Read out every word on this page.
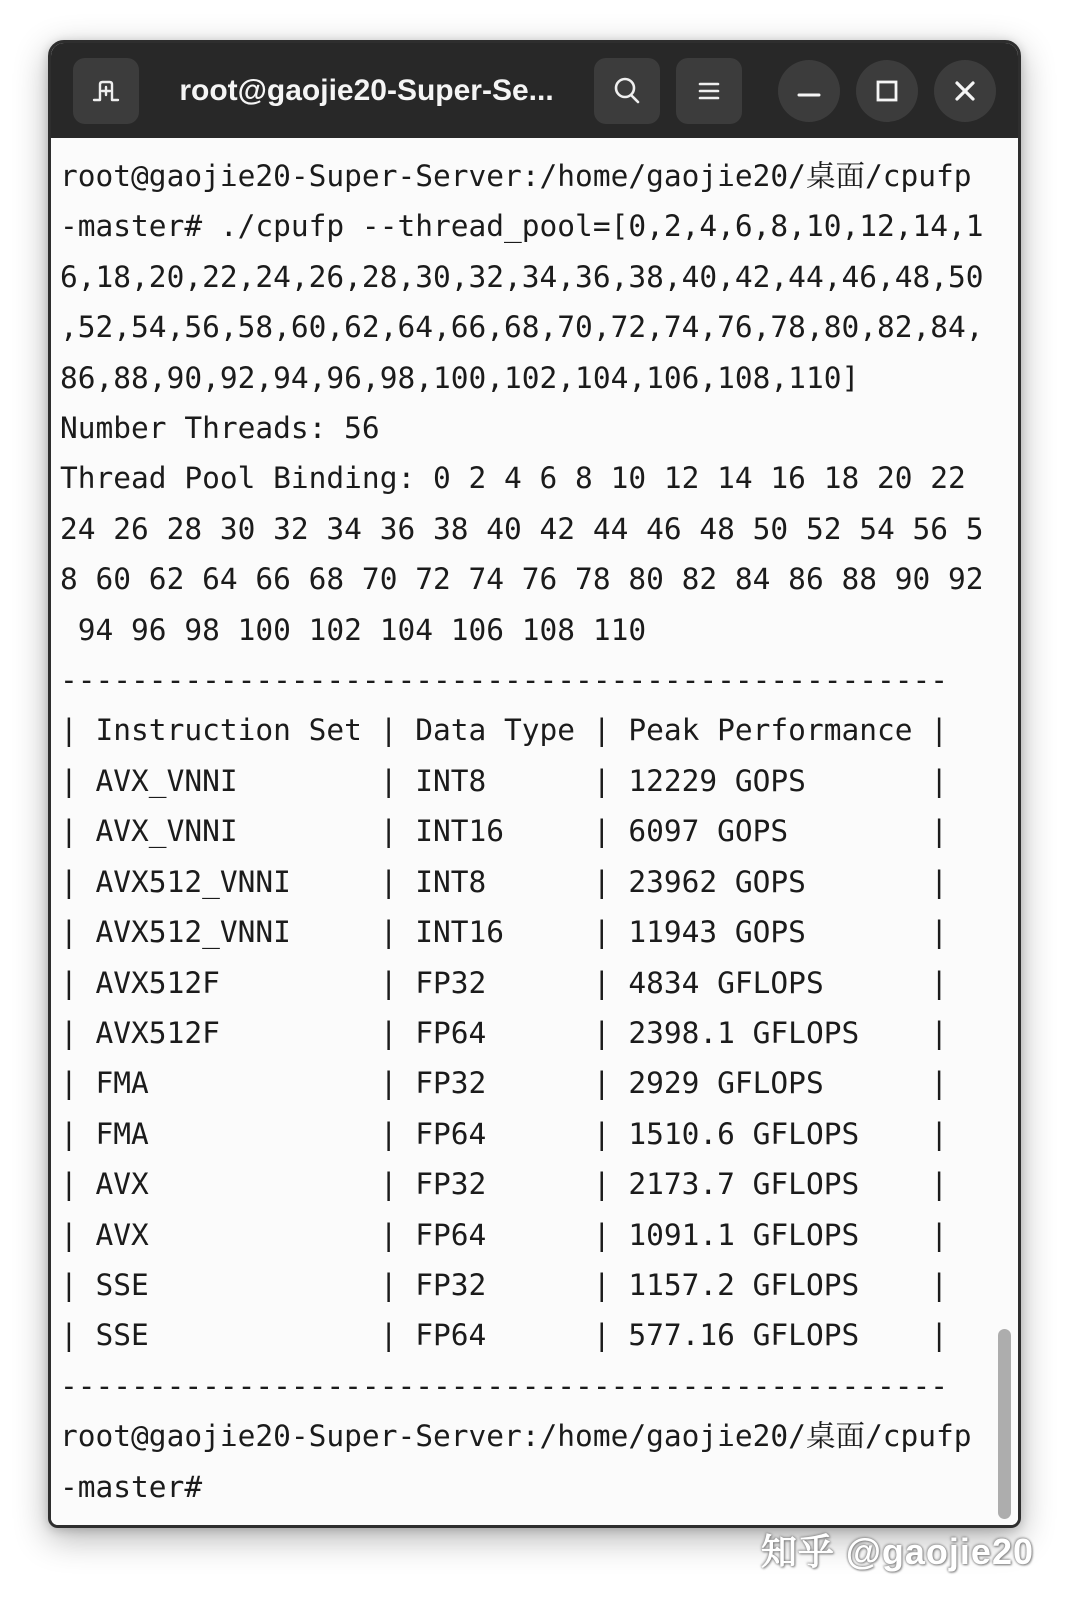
root@gaojie20-Super-Se...
root@gaojie20-Super-Server:/home/gaojie20/桌面/cpufp
-master# ./cpufp --thread_pool=[0,2,4,6,8,10,12,14,1
6,18,20,22,24,26,28,30,32,34,36,38,40,42,44,46,48,50
,52,54,56,58,60,62,64,66,68,70,72,74,76,78,80,82,84,
86,88,90,92,94,96,98,100,102,104,106,108,110]
Number Threads: 56
Thread Pool Binding: 0 2 4 6 8 10 12 14 16 18 20 22
24 26 28 30 32 34 36 38 40 42 44 46 48 50 52 54 56 5
8 60 62 64 66 68 70 72 74 76 78 80 82 84 86 88 90 92
94 96 98 100 102 104 106 108 110
--------------------------------------------------
| Instruction Set | Data Type | Peak Performance |
| AVX_VNNI        | INT8      | 12229 GOPS       |
| AVX_VNNI        | INT16     | 6097 GOPS        |
| AVX512_VNNI     | INT8      | 23962 GOPS       |
| AVX512_VNNI     | INT16     | 11943 GOPS       |
| AVX512F         | FP32      | 4834 GFLOPS      |
| AVX512F         | FP64      | 2398.1 GFLOPS    |
| FMA             | FP32      | 2929 GFLOPS      |
| FMA             | FP64      | 1510.6 GFLOPS    |
| AVX             | FP32      | 2173.7 GFLOPS    |
| AVX             | FP64      | 1091.1 GFLOPS    |
| SSE             | FP32      | 1157.2 GFLOPS    |
| SSE             | FP64      | 577.16 GFLOPS    |
--------------------------------------------------
root@gaojie20-Super-Server:/home/gaojie20/桌面/cpufp
-master#
知乎 @gaojie20
